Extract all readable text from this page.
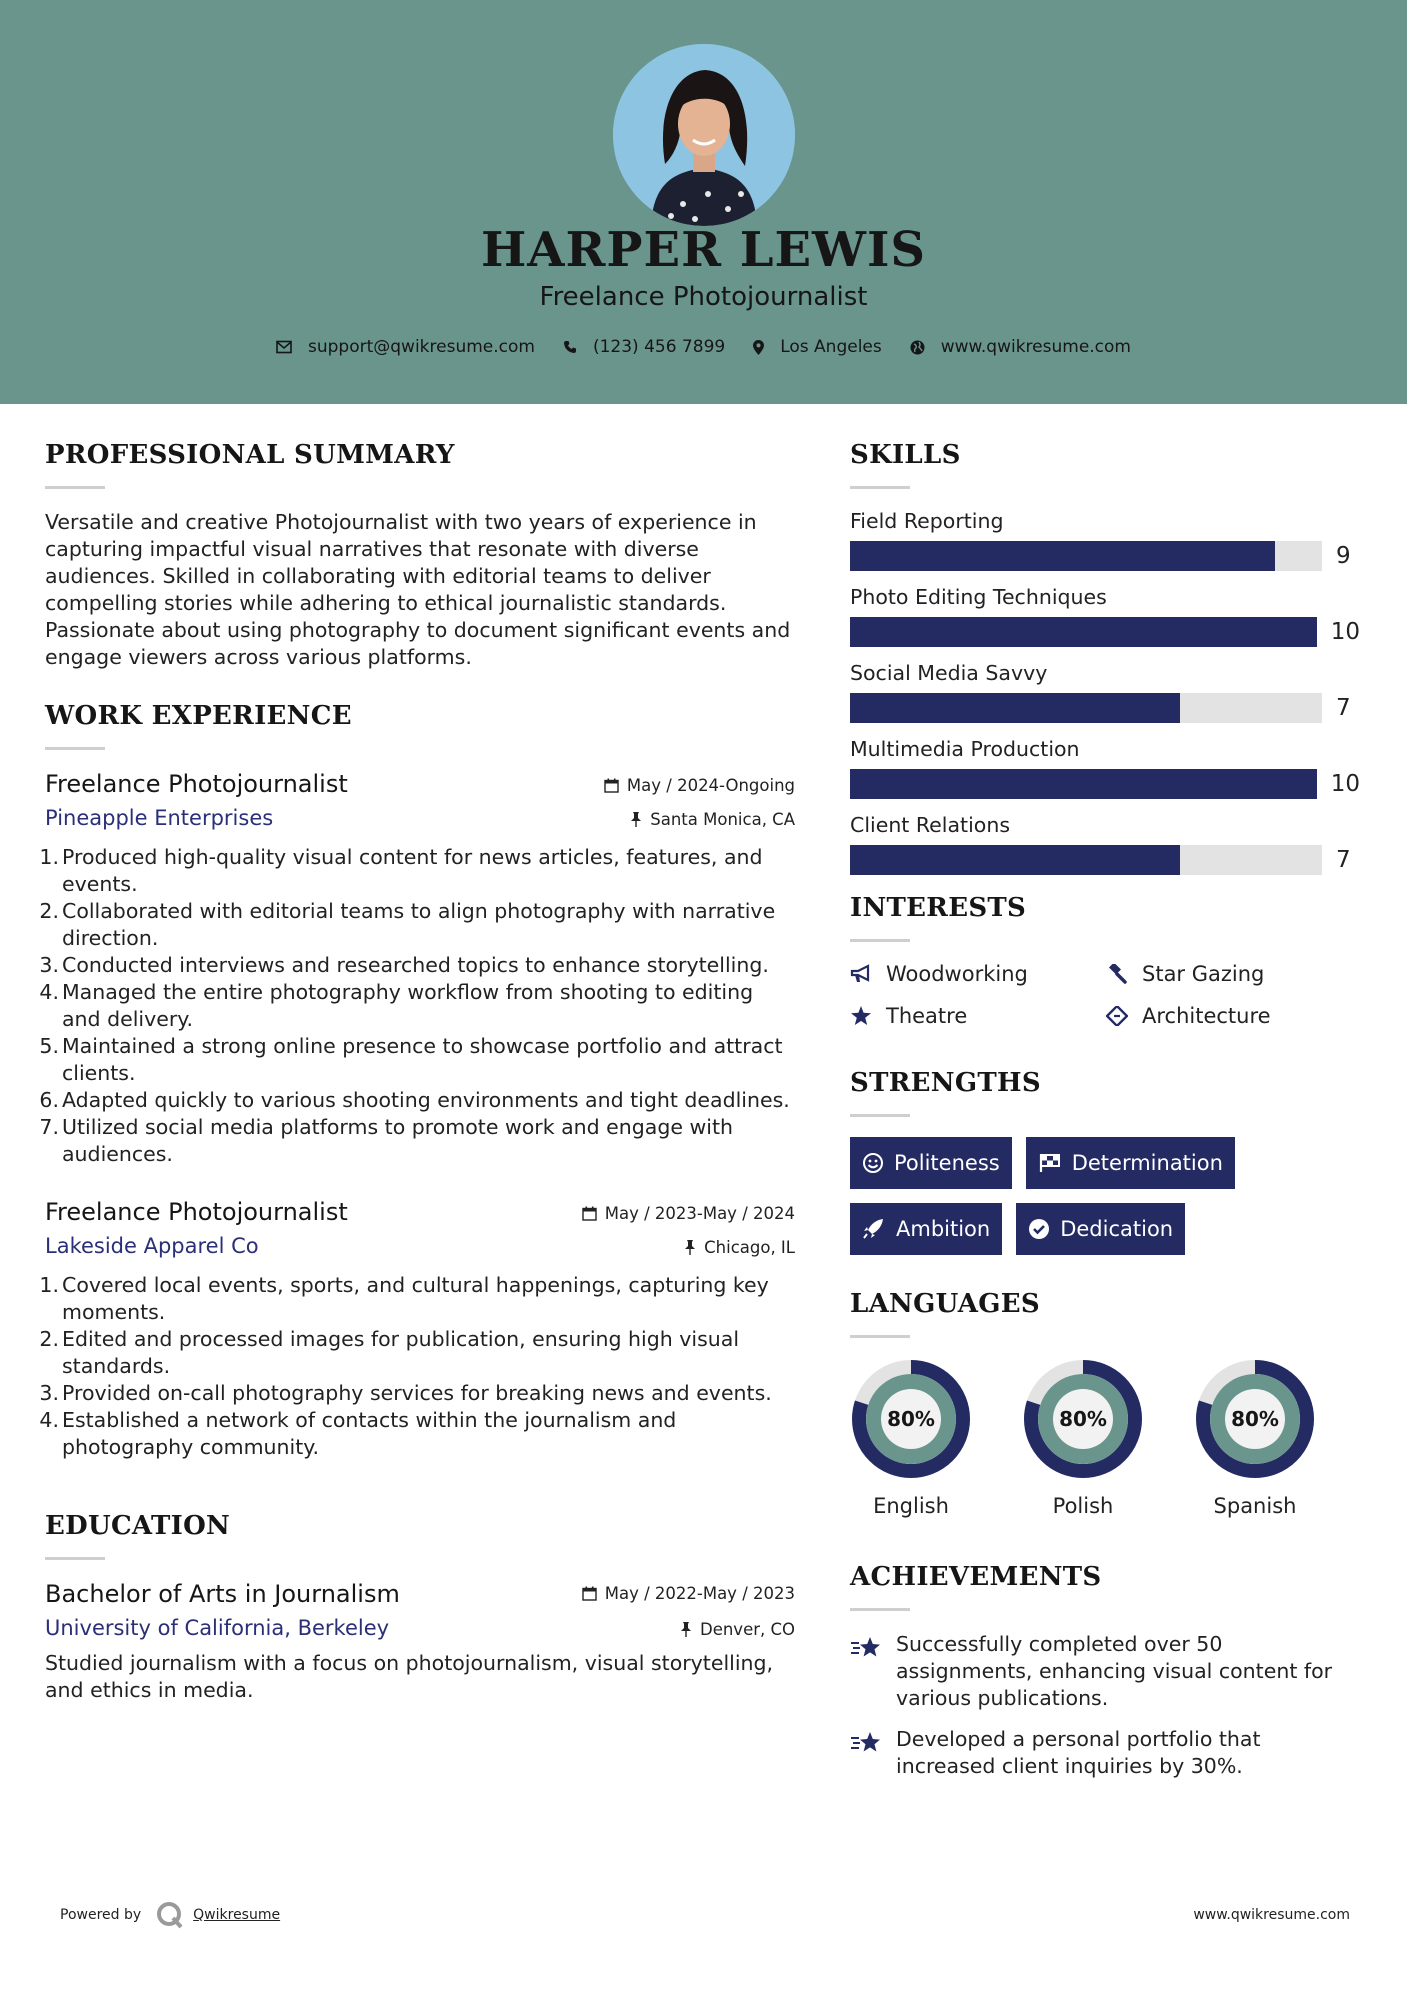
HARPER LEWIS
Freelance Photojournalist
support@qwikresume.com	(123) 456 7899	Los Angeles	www.qwikresume.com
PROFESSIONAL SUMMARY

Versatile and creative Photojournalist with two years of experience in capturing impactful visual narratives that resonate with diverse audiences. Skilled in collaborating with editorial teams to deliver compelling stories while adhering to ethical journalistic standards. Passionate about using photography to document significant events and engage viewers across various platforms.

WORK EXPERIENCE
Freelance Photojournalist	May / 2024-Ongoing
Pineapple Enterprises	Santa Monica, CA
Produced high-quality visual content for news articles, features, and events.
Collaborated with editorial teams to align photography with narrative direction.
Conducted interviews and researched topics to enhance storytelling.
Managed the entire photography workflow from shooting to editing and delivery.
Maintained a strong online presence to showcase portfolio and attract clients.
Adapted quickly to various shooting environments and tight deadlines.
Utilized social media platforms to promote work and engage with audiences.
Freelance Photojournalist	May / 2023-May / 2024
Lakeside Apparel Co	Chicago, IL
Covered local events, sports, and cultural happenings, capturing key moments.
Edited and processed images for publication, ensuring high visual standards.
Provided on-call photography services for breaking news and events.
Established a network of contacts within the journalism and photography community.
EDUCATION
Bachelor of Arts in Journalism	May / 2022-May / 2023
University of California, Berkeley	Denver, CO

Studied journalism with a focus on photojournalism, visual storytelling, and ethics in media.

SKILLS
Field Reporting
9
Photo Editing Techniques
10
Social Media Savvy
7
Multimedia Production
10
Client Relations
7
INTERESTS
Woodworking	Star Gazing
Theatre	Architecture
STRENGTHS
Politeness	Determination
Ambition	Dedication
LANGUAGES
80%
English
80%
Polish
80%
Spanish
ACHIEVEMENTS
Successfully completed over 50 assignments, enhancing visual content for various publications.
Developed a personal portfolio that increased client inquiries by 30%.
Powered by	Qwikresume	www.qwikresume.com
